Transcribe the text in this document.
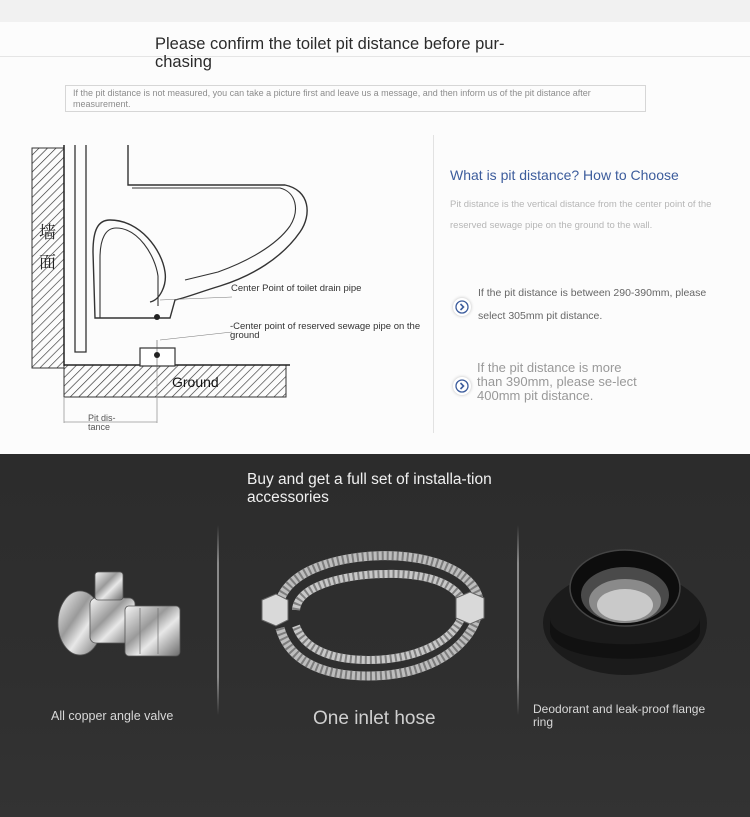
Please confirm the toilet pit distance before pur-chasing
If the pit distance is not measured, you can take a picture first and leave us a message, and then inform us of the pit distance after measurement.
墙
面
Center Point of toilet drain pipe
-Center point of reserved sewage pipe on the ground
Ground
Pit dis-tance
What is pit distance? How to Choose
Pit distance is the vertical distance from the center point of the reserved sewage pipe on the ground to the wall.
If the pit distance is between 290-390mm, please select 305mm pit distance.
If the pit distance is more than 390mm, please se-lect 400mm pit distance.
Buy and get a full set of installa-tion accessories
All copper angle valve	One inlet hose	Deodorant and leak-proof flange ring
